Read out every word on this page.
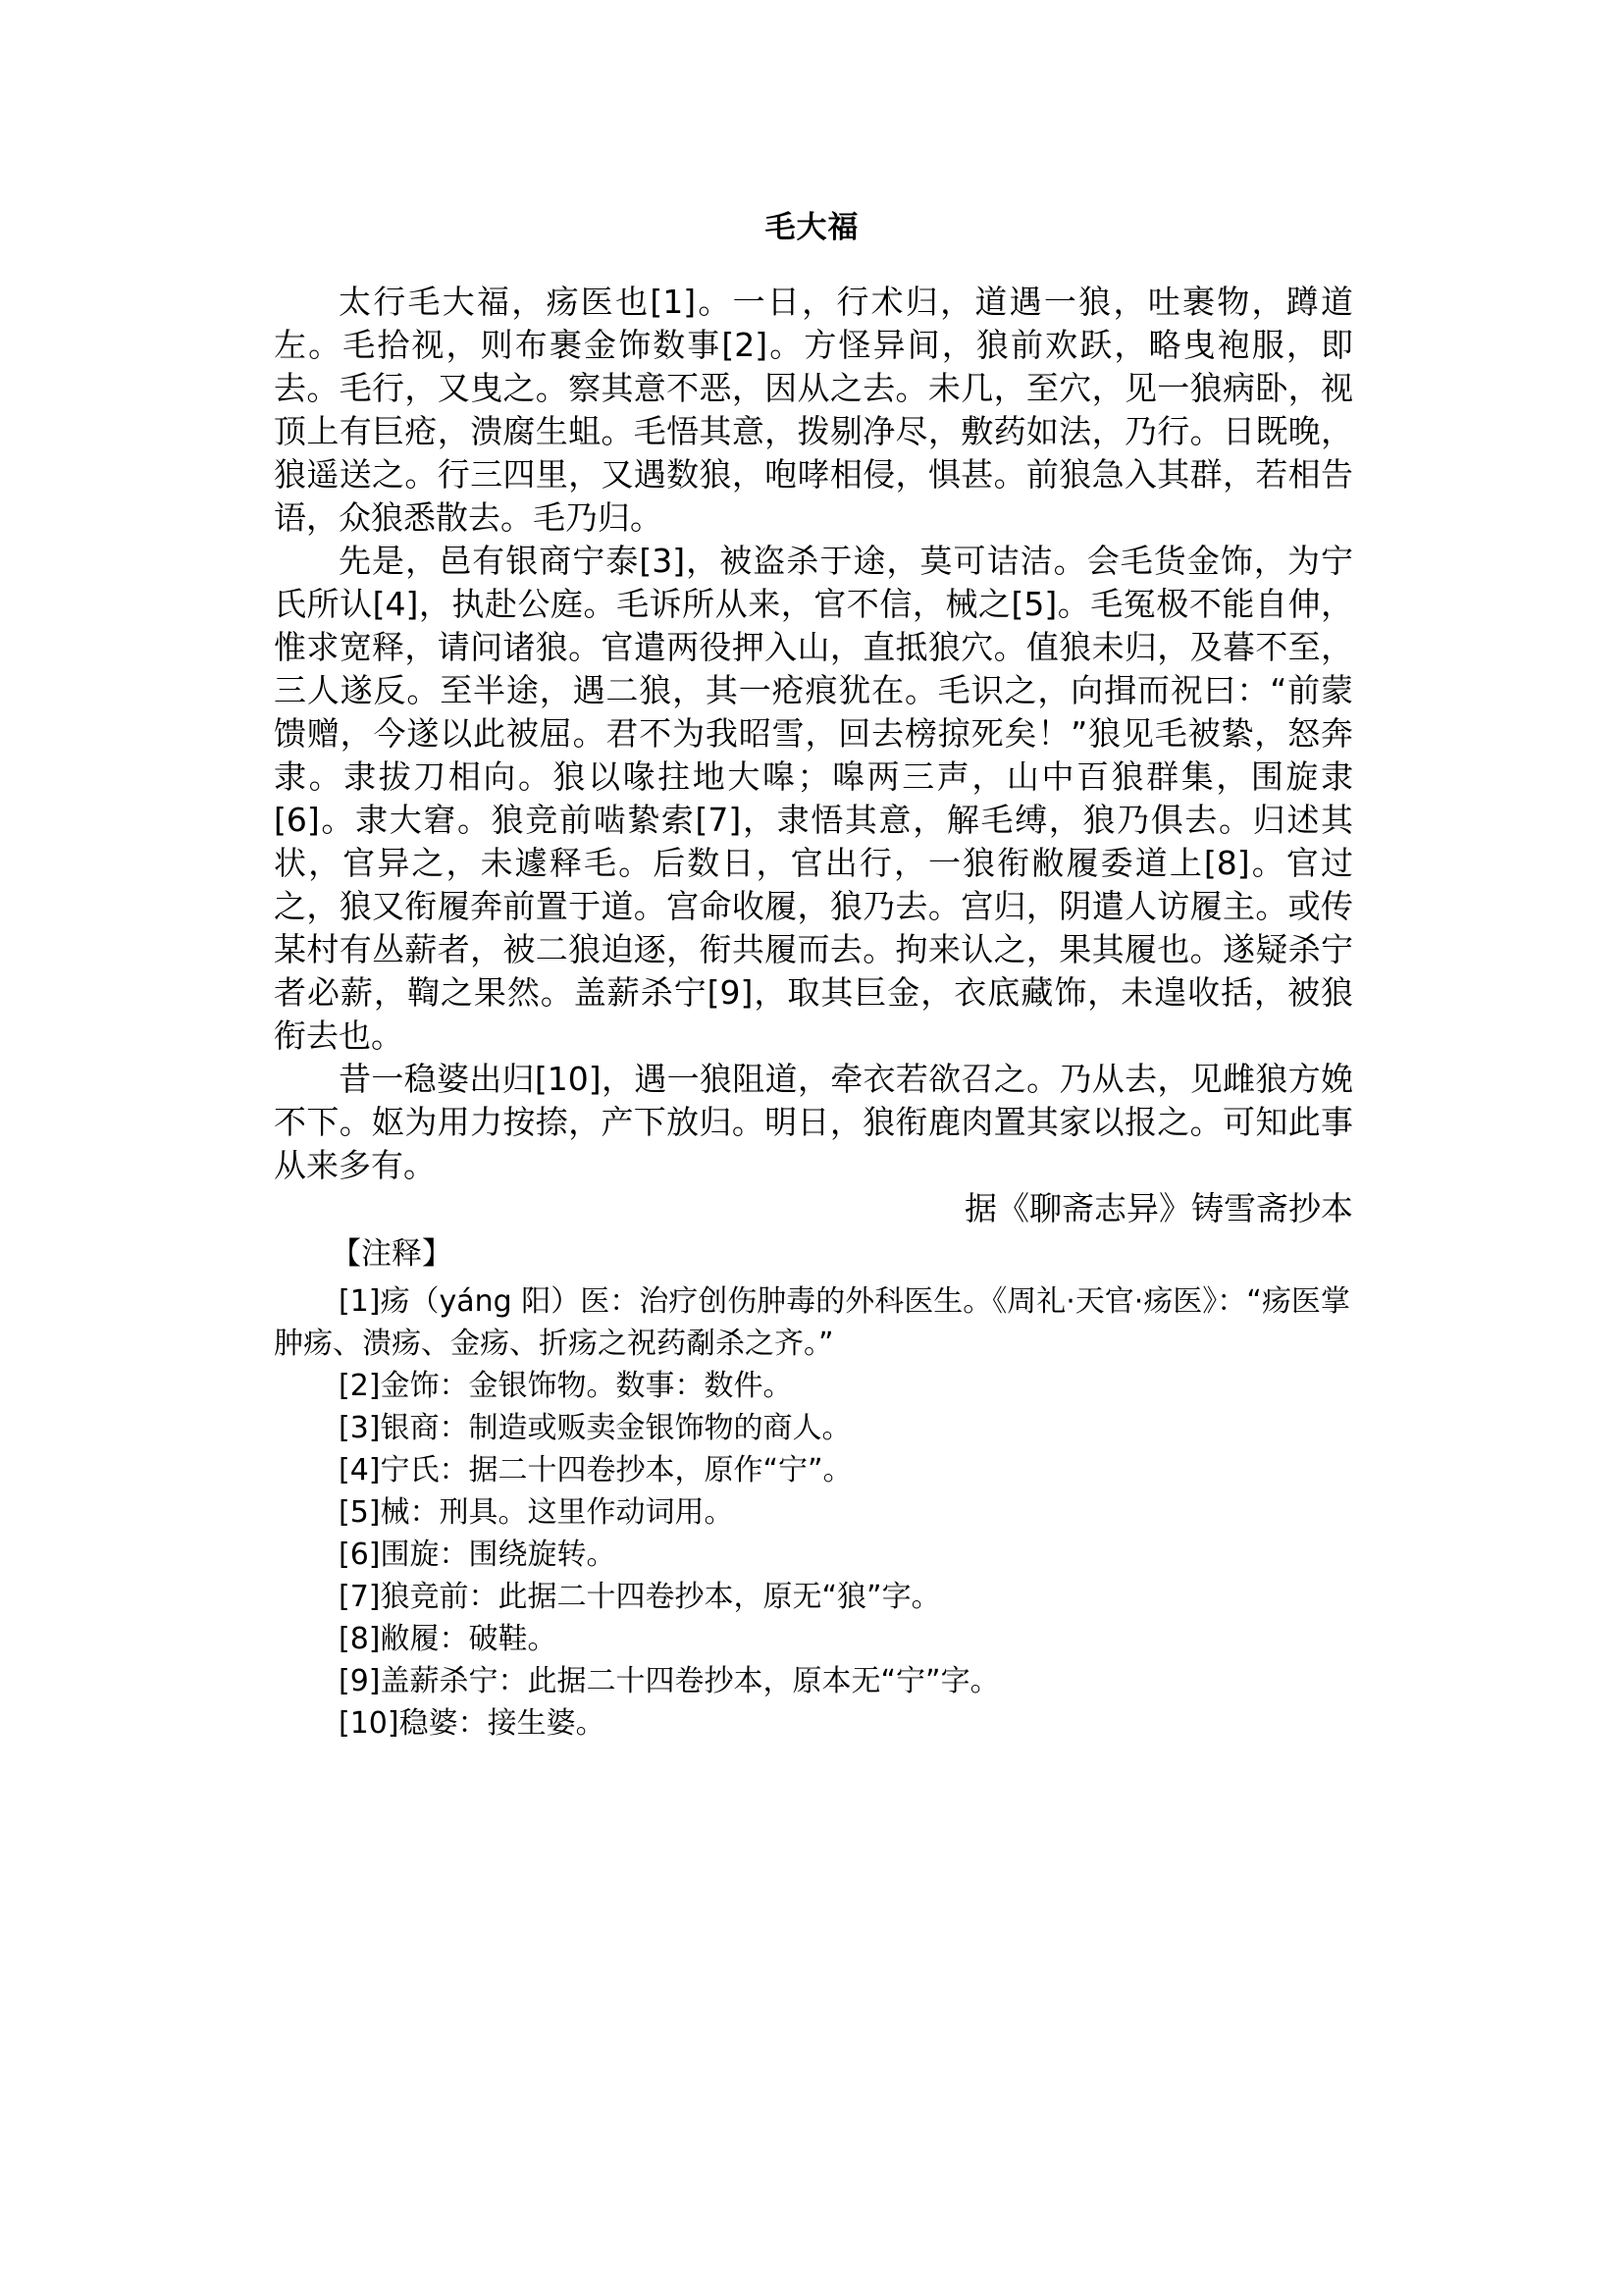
毛大福

太行毛大福，疡医也[1]。一日，行术归，道遇一狼，吐裹物，蹲道左。毛拾视，则布裹金饰数事[2]。方怪异间，狼前欢跃，略曳袍服，即去。毛行，又曳之。察其意不恶，因从之去。未几，至穴，见一狼病卧，视顶上有巨疮，溃腐生蛆。毛悟其意，拨剔净尽，敷药如法，乃行。日既晚，狼遥送之。行三四里，又遇数狼，咆哮相侵，惧甚。前狼急入其群，若相告语，众狼悉散去。毛乃归。

先是，邑有银商宁泰[3]，被盗杀于途，莫可诘洁。会毛货金饰，为宁氏所认[4]，执赴公庭。毛诉所从来，官不信，械之[5]。毛冤极不能自伸，惟求宽释，请问诸狼。官遣两役押入山，直抵狼穴。值狼未归，及暮不至，三人遂反。至半途，遇二狼，其一疮痕犹在。毛识之，向揖而祝曰：“前蒙馈赠，今遂以此被屈。君不为我昭雪，回去榜掠死矣！”狼见毛被絷，怒奔隶。隶拔刀相向。狼以喙拄地大嗥；嗥两三声，山中百狼群集，围旋隶[6]。隶大窘。狼竞前啮絷索[7]，隶悟其意，解毛缚，狼乃俱去。归述其状，官异之，未遽释毛。后数日，官出行，一狼衔敝履委道上[8]。官过之，狼又衔履奔前置于道。宫命收履，狼乃去。宫归，阴遣人访履主。或传某村有丛薪者，被二狼迫逐，衔共履而去。拘来认之，果其履也。遂疑杀宁者必薪，鞫之果然。盖薪杀宁[9]，取其巨金，衣底藏饰，未遑收括，被狼衔去也。

昔一稳婆出归[10]，遇一狼阻道，牵衣若欲召之。乃从去，见雌狼方娩不下。妪为用力按捺，产下放归。明日，狼衔鹿肉置其家以报之。可知此事从来多有。

据《聊斋志异》铸雪斋抄本

【注释】

[1]疡（yáng 阳）医：治疗创伤肿毒的外科医生。《周礼·天官·疡医》：“疡医掌肿疡、溃疡、金疡、折疡之祝药劀杀之齐。”

[2]金饰：金银饰物。数事：数件。

[3]银商：制造或贩卖金银饰物的商人。

[4]宁氏：据二十四卷抄本，原作“宁”。

[5]械：刑具。这里作动词用。

[6]围旋：围绕旋转。

[7]狼竞前：此据二十四卷抄本，原无“狼”字。

[8]敝履：破鞋。

[9]盖薪杀宁：此据二十四卷抄本，原本无“宁”字。

[10]稳婆：接生婆。
